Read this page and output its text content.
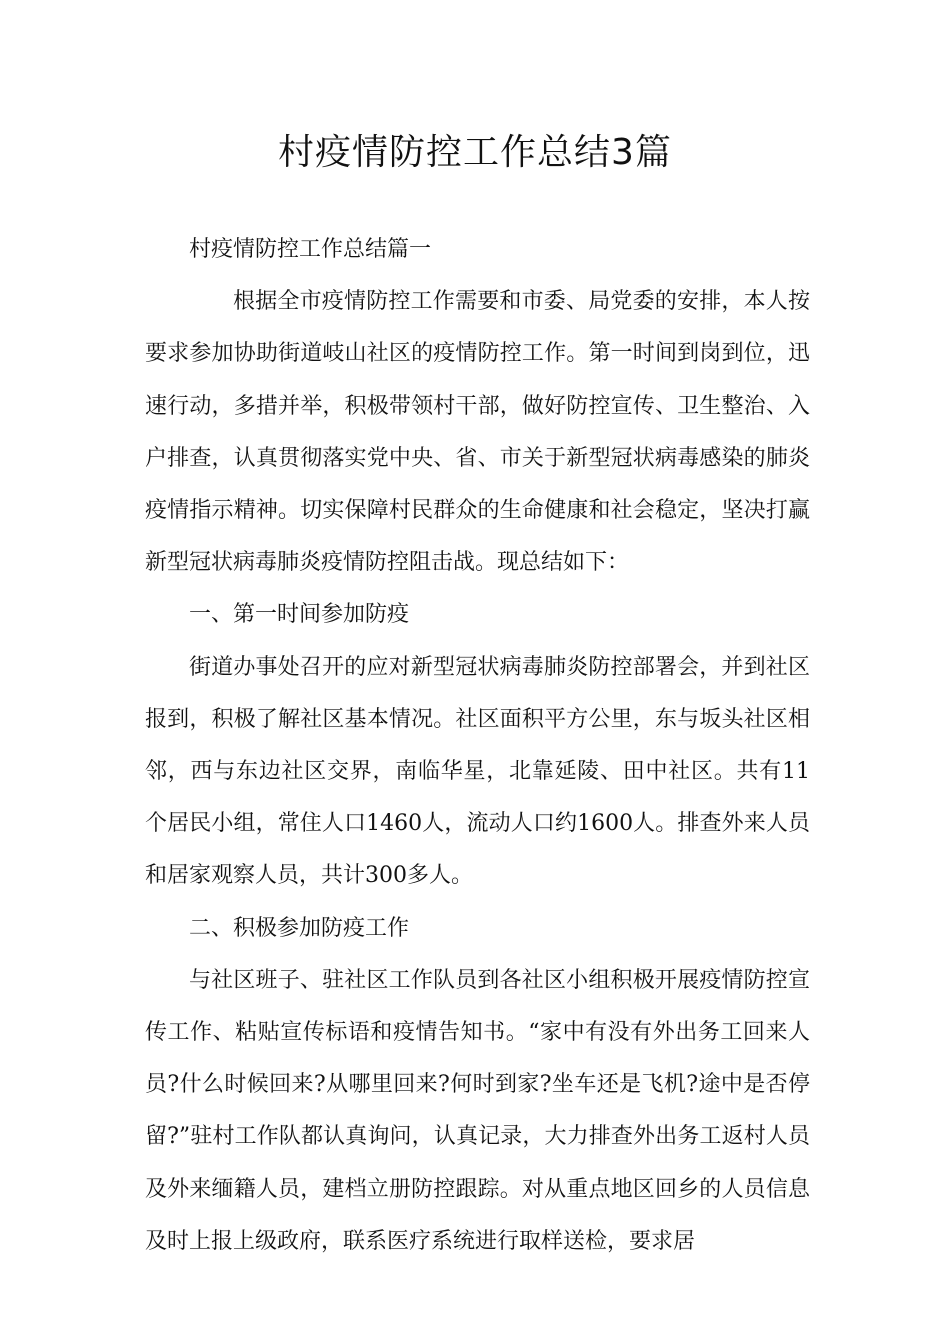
村疫情防控工作总结3篇

村疫情防控工作总结篇一

根据全市疫情防控工作需要和市委、局党委的安排，本人按要求参加协助街道岐山社区的疫情防控工作。第一时间到岗到位，迅速行动，多措并举，积极带领村干部，做好防控宣传、卫生整治、入户排查，认真贯彻落实党中央、省、市关于新型冠状病毒感染的肺炎疫情指示精神。切实保障村民群众的生命健康和社会稳定，坚决打赢新型冠状病毒肺炎疫情防控阻击战。现总结如下：

一、第一时间参加防疫

街道办事处召开的应对新型冠状病毒肺炎防控部署会，并到社区报到，积极了解社区基本情况。社区面积平方公里，东与坂头社区相邻，西与东边社区交界，南临华星，北靠延陵、田中社区。共有11个居民小组，常住人口1460人，流动人口约1600人。排查外来人员和居家观察人员，共计300多人。

二、积极参加防疫工作

与社区班子、驻社区工作队员到各社区小组积极开展疫情防控宣传工作、粘贴宣传标语和疫情告知书。“家中有没有外出务工回来人员?什么时候回来?从哪里回来?何时到家?坐车还是飞机?途中是否停留?”驻村工作队都认真询问，认真记录，大力排查外出务工返村人员及外来缅籍人员，建档立册防控跟踪。对从重点地区回乡的人员信息及时上报上级政府，联系医疗系统进行取样送检，要求居
